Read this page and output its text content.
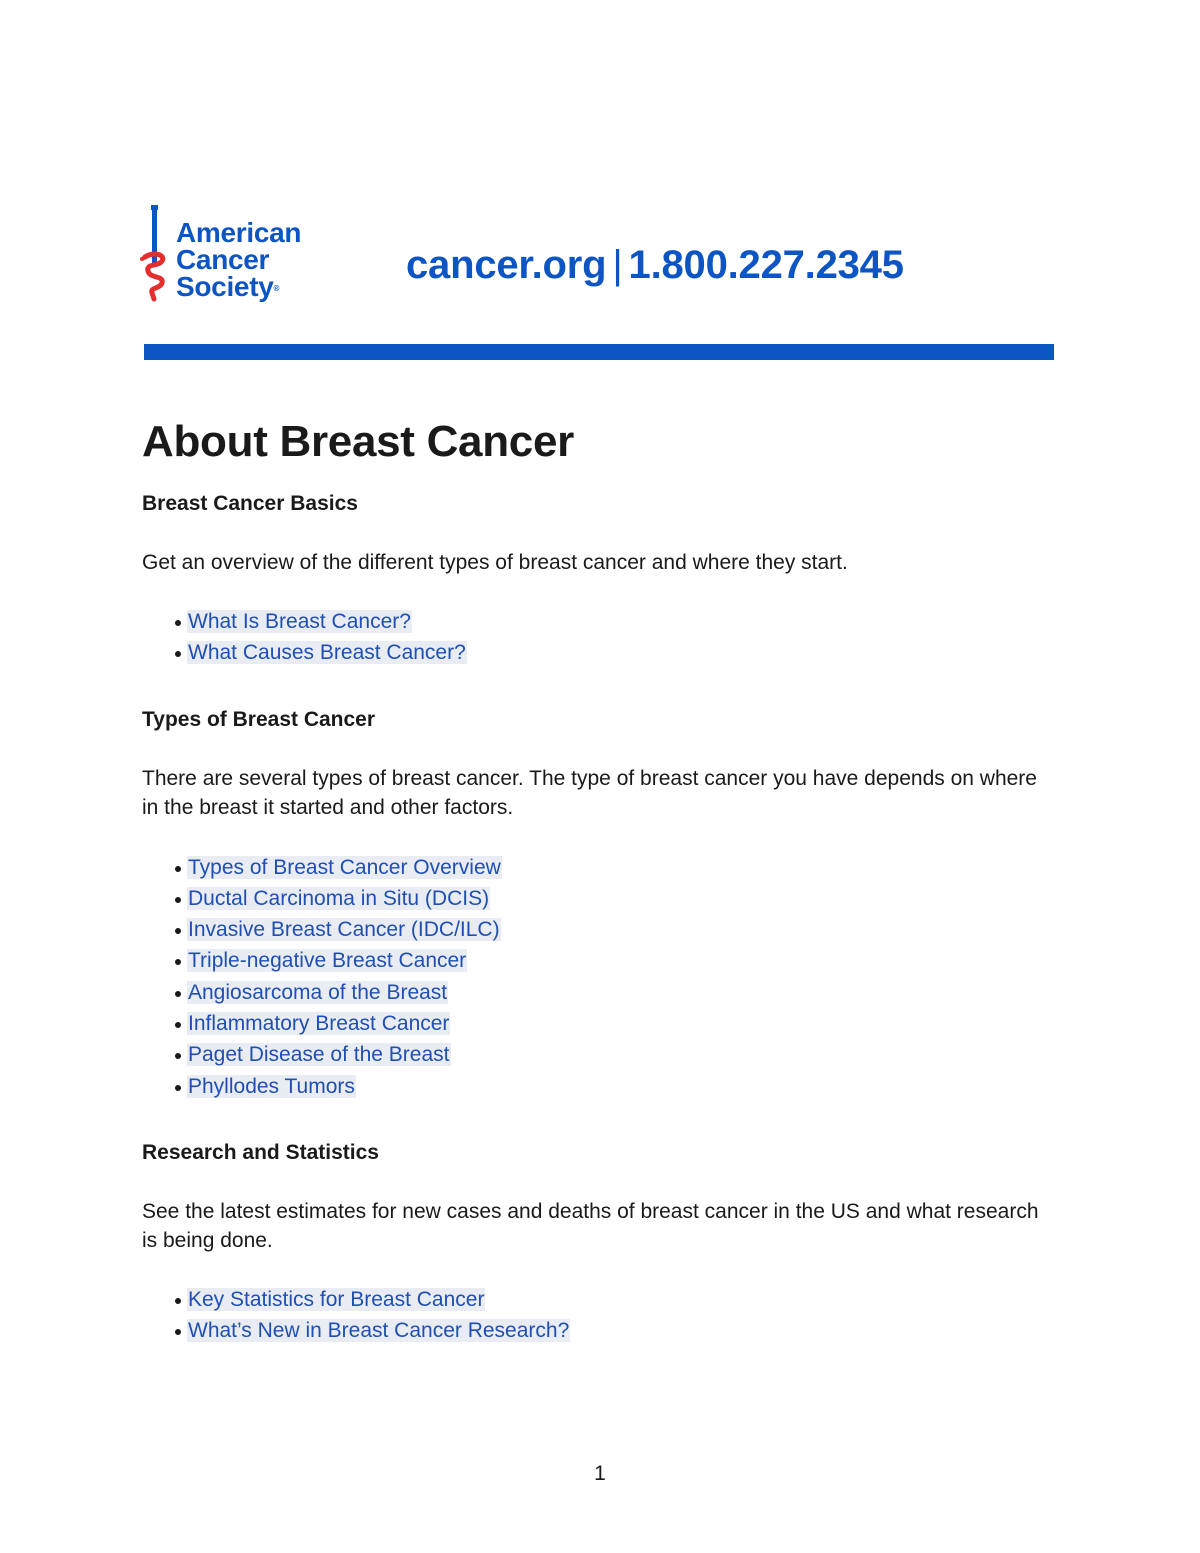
American
Cancer
Society®
cancer.org | 1.800.227.2345
About Breast Cancer
Breast Cancer Basics

Get an overview of the different types of breast cancer and where they start.

What Is Breast Cancer?
What Causes Breast Cancer?
Types of Breast Cancer

There are several types of breast cancer. The type of breast cancer you have depends on where in the breast it started and other factors.

Types of Breast Cancer Overview
Ductal Carcinoma in Situ (DCIS)
Invasive Breast Cancer (IDC/ILC)
Triple-negative Breast Cancer
Angiosarcoma of the Breast
Inflammatory Breast Cancer
Paget Disease of the Breast
Phyllodes Tumors
Research and Statistics

See the latest estimates for new cases and deaths of breast cancer in the US and what research is being done.

Key Statistics for Breast Cancer
What’s New in Breast Cancer Research?
1
